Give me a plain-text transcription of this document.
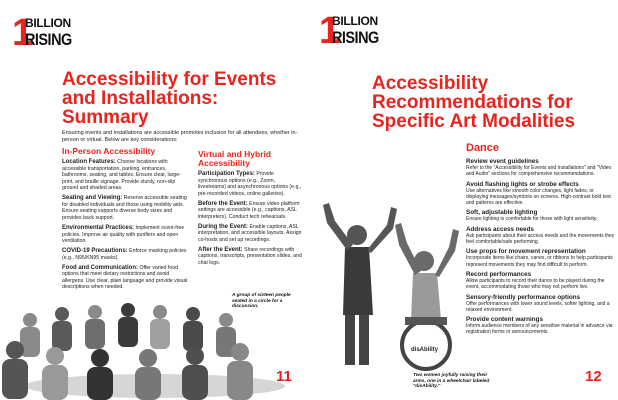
1
BILLION
RISING
Accessibility for Events and Installations: Summary
Ensuring events and installations are accessible promotes inclusion for all attendees, whether in-person or virtual. Below are key considerations:
In-Person Accessibility
Location Features: Choose locations with accessible transportation, parking, entrances, bathrooms, seating, and tables. Ensure clear, large-print, and braille signage. Provide sturdy, non-slip ground and shaded areas.
Seating and Viewing: Reserve accessible seating for disabled individuals and those using mobility aids. Ensure seating supports diverse body sizes and provides back support.
Environmental Practices: Implement scent-free policies. Improve air quality with purifiers and open ventilation.
COVID-19 Precautions: Enforce masking policies (e.g., N95/KN95 masks).
Food and Communication: Offer varied food options that meet dietary restrictions and avoid allergens. Use clear, plain language and provide visual descriptions when needed.
Virtual and Hybrid Accessibility
Participation Types: Provide synchronous options (e.g., Zoom, livestreams) and asynchronous options (e.g., pre-recorded videos, online galleries).
Before the Event: Ensure video platform settings are accessible (e.g., captions, ASL interpreters). Conduct tech rehearsals.
During the Event: Enable captions, ASL interpretation, and accessible layouts. Assign co-hosts and set up recordings.
After the Event: Share recordings with captions, transcripts, presentation slides, and chat logs.
A group of sixteen people seated in a circle for a discussion.
11
1
BILLION
RISING
Accessibility Recommendations for Specific Art Modalities
disAbility
Dance
Review event guidelines
Refer to the "Accessibility for Events and Installations" and "Video and Audio" sections for comprehensive recommendations.
Avoid flashing lights or strobe effects
Use alternatives like smooth color changes, light fades, or displaying messages/symbols on screens. High-contrast bold text and patterns are effective.
Soft, adjustable lighting
Ensure lighting is comfortable for those with light sensitivity.
Address access needs
Ask participants about their access needs and the movements they feel comfortable/safe performing.
Use props for movement representation
Incorporate items like chairs, canes, or ribbons to help participants represent movements they may find difficult to perform.
Record performances
Allow participants to record their dance to be played during the event, accommodating those who may not perform live.
Sensory-friendly performance options
Offer performances with lower sound levels, softer lighting, and a relaxed environment.
Provide content warnings
Inform audience members of any sensitive material in advance via registration forms or announcements.
Two women joyfully raising their arms, one in a wheelchair labeled "disAbility."
12
